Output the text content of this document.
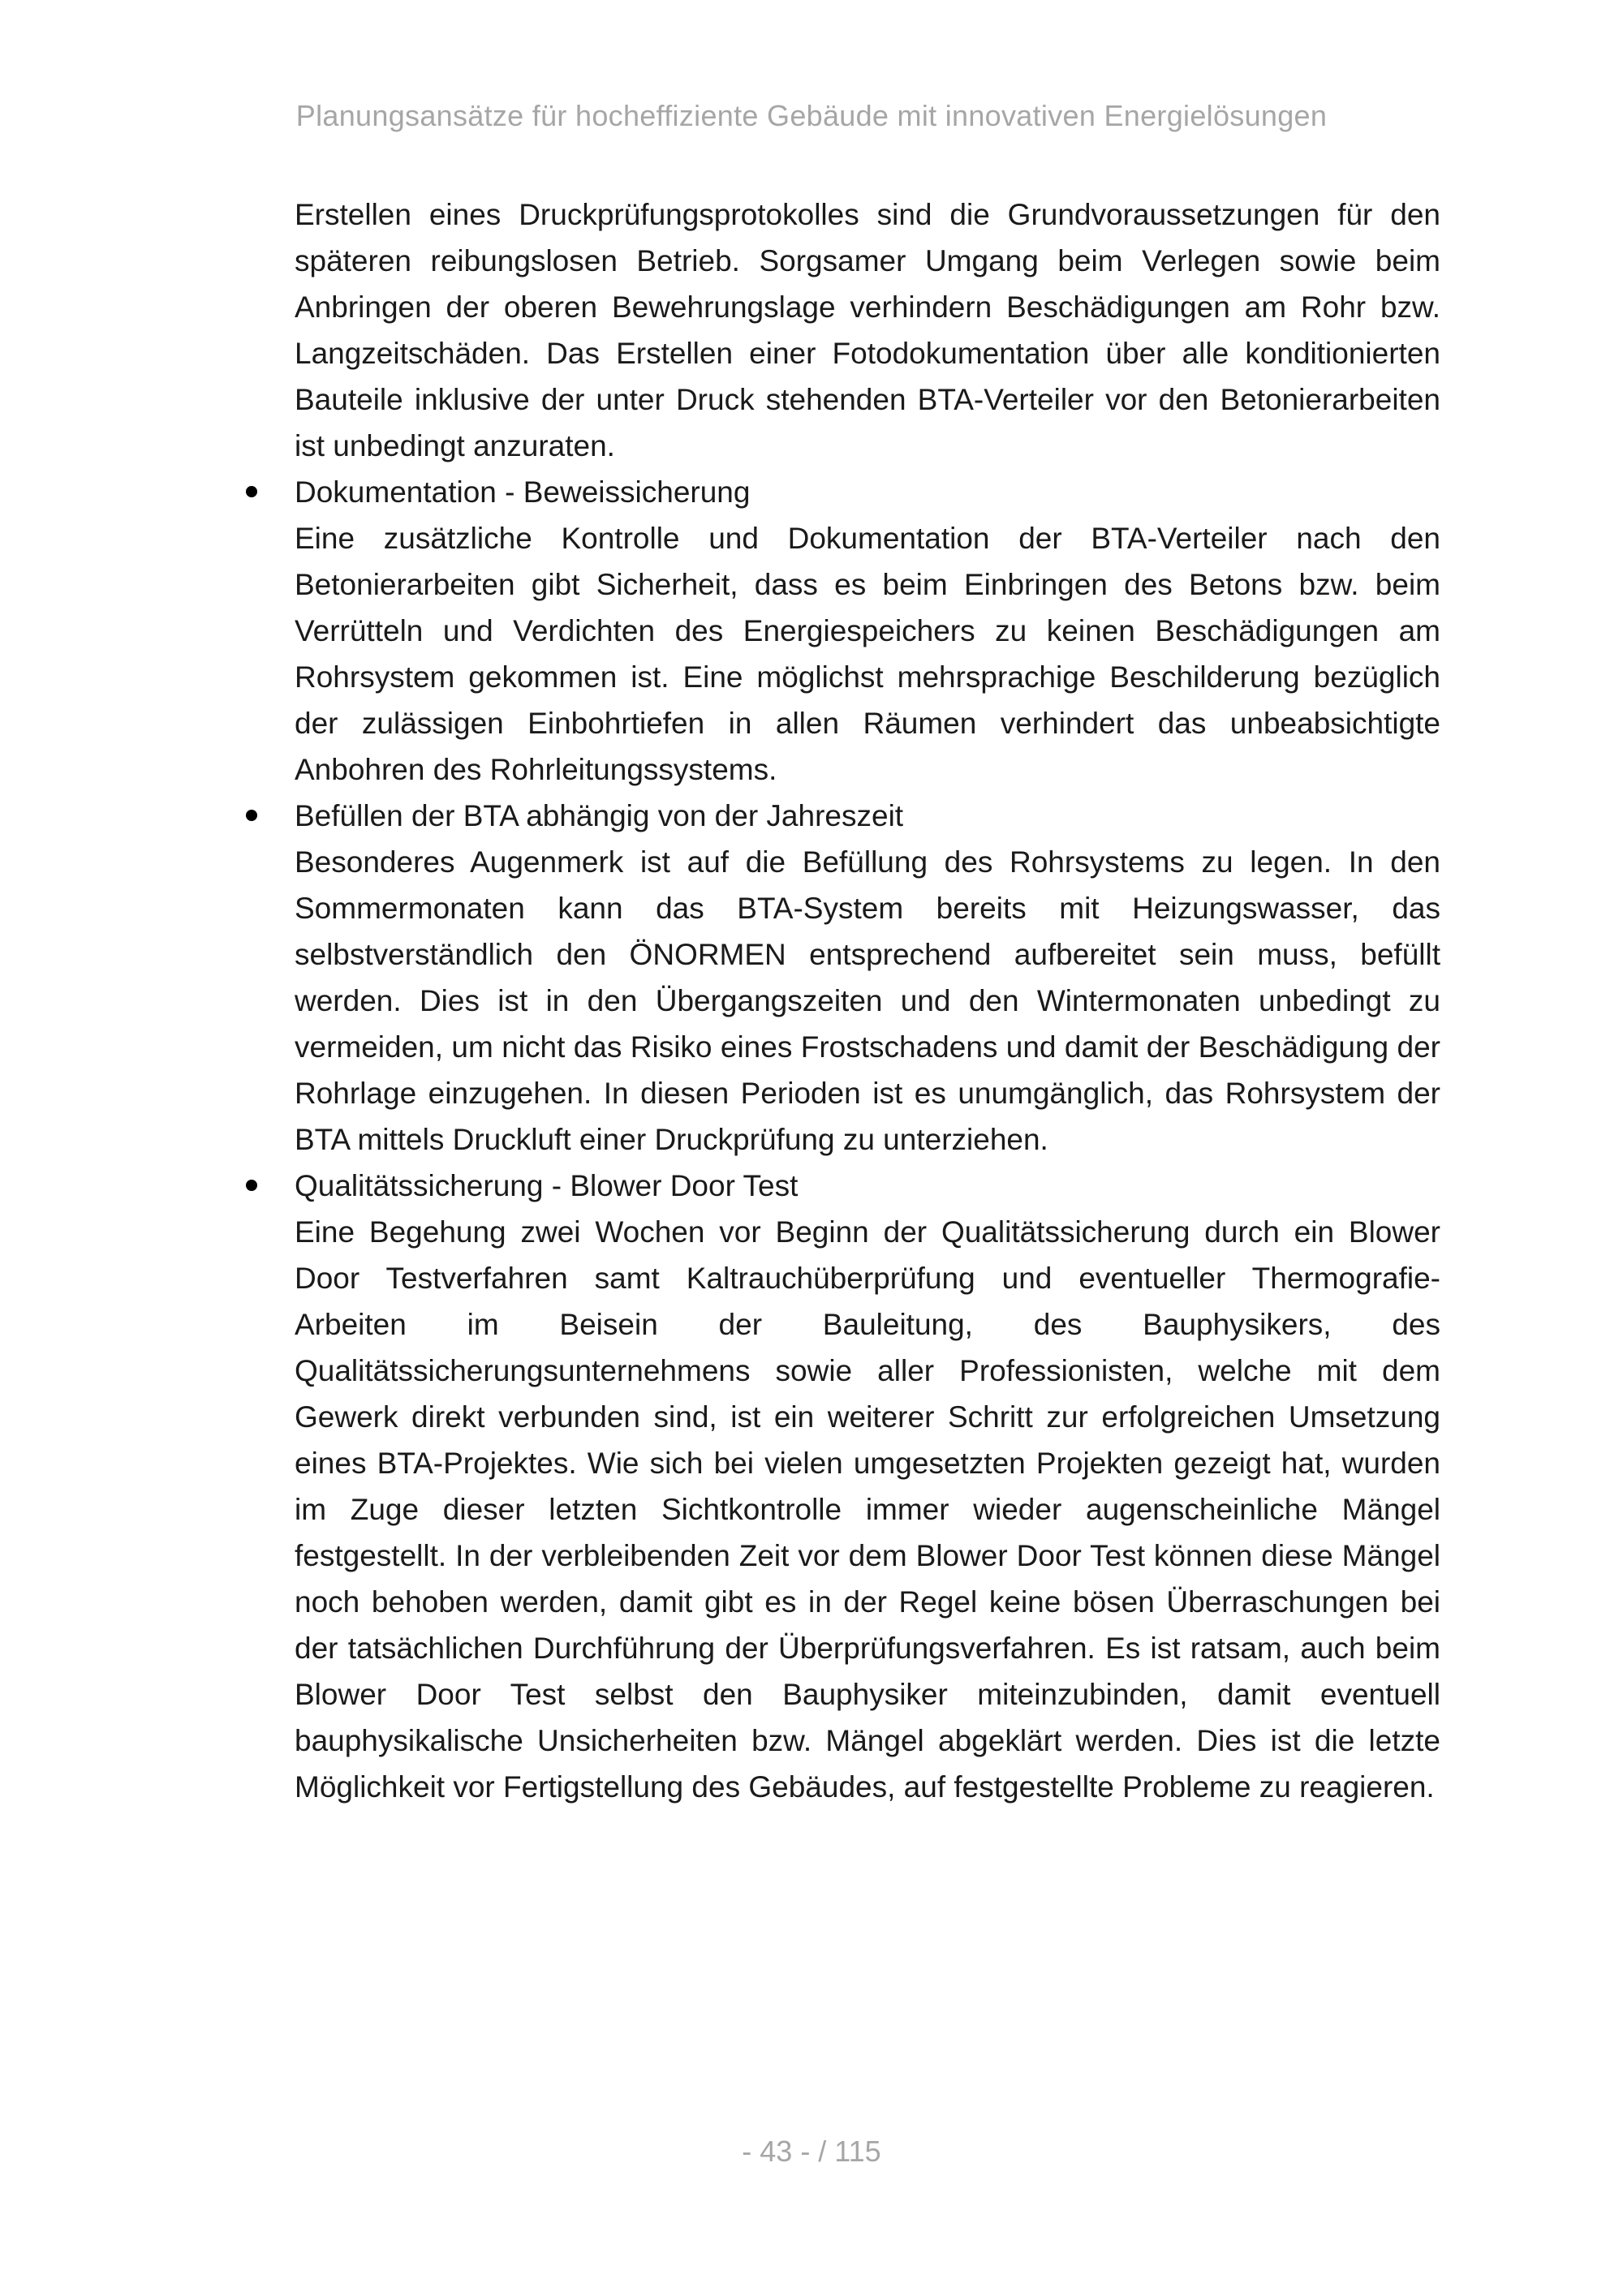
Planungsansätze für hocheffiziente Gebäude mit innovativen Energielösungen

Erstellen eines Druckprüfungsprotokolles sind die Grundvoraussetzungen für den späteren reibungslosen Betrieb. Sorgsamer Umgang beim Verlegen sowie beim Anbringen der oberen Bewehrungslage verhindern Beschädigungen am Rohr bzw. Langzeitschäden. Das Erstellen einer Fotodokumentation über alle konditionierten Bauteile inklusive der unter Druck stehenden BTA-Verteiler vor den Betonierarbeiten ist unbedingt anzuraten.

Dokumentation - Beweissicherung

Eine zusätzliche Kontrolle und Dokumentation der BTA-Verteiler nach den Betonierarbeiten gibt Sicherheit, dass es beim Einbringen des Betons bzw. beim Verrütteln und Verdichten des Energiespeichers zu keinen Beschädigungen am Rohrsystem gekommen ist. Eine möglichst mehrsprachige Beschilderung bezüglich der zulässigen Einbohrtiefen in allen Räumen verhindert das unbeabsichtigte Anbohren des Rohrleitungssystems.

Befüllen der BTA abhängig von der Jahreszeit

Besonderes Augenmerk ist auf die Befüllung des Rohrsystems zu legen. In den Sommermonaten kann das BTA-System bereits mit Heizungswasser, das selbstverständlich den ÖNORMEN entsprechend aufbereitet sein muss, befüllt werden. Dies ist in den Übergangszeiten und den Wintermonaten unbedingt zu vermeiden, um nicht das Risiko eines Frostschadens und damit der Beschädigung der Rohrlage einzugehen. In diesen Perioden ist es unumgänglich, das Rohrsystem der BTA mittels Druckluft einer Druckprüfung zu unterziehen.

Qualitätssicherung - Blower Door Test

Eine Begehung zwei Wochen vor Beginn der Qualitätssicherung durch ein Blower Door Testverfahren samt Kaltrauchüberprüfung und eventueller Thermografie-Arbeiten im Beisein der Bauleitung, des Bauphysikers, des Qualitätssicherungsunternehmens sowie aller Professionisten, welche mit dem Gewerk direkt verbunden sind, ist ein weiterer Schritt zur erfolgreichen Umsetzung eines BTA-Projektes. Wie sich bei vielen umgesetzten Projekten gezeigt hat, wurden im Zuge dieser letzten Sichtkontrolle immer wieder augenscheinliche Mängel festgestellt. In der verbleibenden Zeit vor dem Blower Door Test können diese Mängel noch behoben werden, damit gibt es in der Regel keine bösen Überraschungen bei der tatsächlichen Durchführung der Überprüfungsverfahren. Es ist ratsam, auch beim Blower Door Test selbst den Bauphysiker miteinzubinden, damit eventuell bauphysikalische Unsicherheiten bzw. Mängel abgeklärt werden. Dies ist die letzte Möglichkeit vor Fertigstellung des Gebäudes, auf festgestellte Probleme zu reagieren.

- 43 - / 115
